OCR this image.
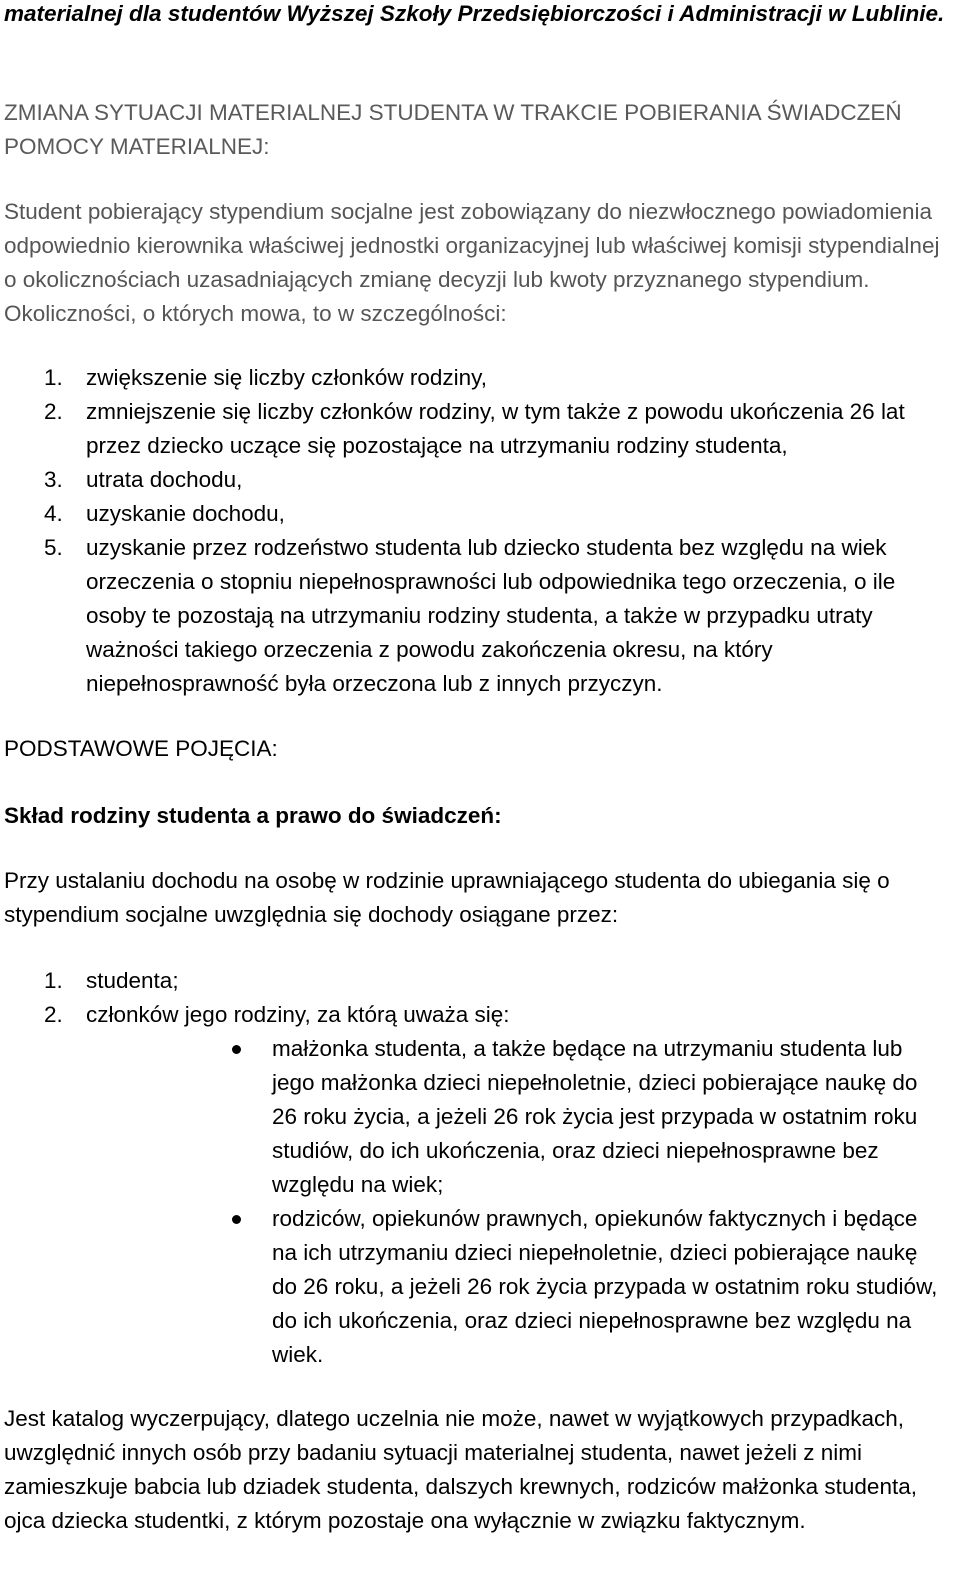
materialnej dla studentów Wyższej Szkoły Przedsiębiorczości i Administracji w Lublinie.

ZMIANA SYTUACJI MATERIALNEJ STUDENTA W TRAKCIE POBIERANIA ŚWIADCZEŃ POMOCY MATERIALNEJ:

Student pobierający stypendium socjalne jest zobowiązany do niezwłocznego powiadomienia odpowiednio kierownika właściwej jednostki organizacyjnej lub właściwej komisji stypendialnej o okolicznościach uzasadniających zmianę decyzji lub kwoty przyznanego stypendium. Okoliczności, o których mowa, to w szczególności:

1. zwiększenie się liczby członków rodziny,
2. zmniejszenie się liczby członków rodziny, w tym także z powodu ukończenia 26 lat przez dziecko uczące się pozostające na utrzymaniu rodziny studenta,
3. utrata dochodu,
4. uzyskanie dochodu,
5. uzyskanie przez rodzeństwo studenta lub dziecko studenta bez względu na wiek orzeczenia o stopniu niepełnosprawności lub odpowiednika tego orzeczenia, o ile osoby te pozostają na utrzymaniu rodziny studenta, a także w przypadku utraty ważności takiego orzeczenia z powodu zakończenia okresu, na który niepełnosprawność była orzeczona lub z innych przyczyn.

PODSTAWOWE POJĘCIA:

Skład rodziny studenta a prawo do świadczeń:

Przy ustalaniu dochodu na osobę w rodzinie uprawniającego studenta do ubiegania się o stypendium socjalne uwzględnia się dochody osiągane przez:

1. studenta;
2. członków jego rodziny, za którą uważa się:
małżonka studenta, a także będące na utrzymaniu studenta lub jego małżonka dzieci niepełnoletnie, dzieci pobierające naukę do 26 roku życia, a jeżeli 26 rok życia jest przypada w ostatnim roku studiów, do ich ukończenia, oraz dzieci niepełnosprawne bez względu na wiek;
rodziców, opiekunów prawnych, opiekunów faktycznych i będące na ich utrzymaniu dzieci niepełnoletnie, dzieci pobierające naukę do 26 roku, a jeżeli 26 rok życia przypada w ostatnim roku studiów, do ich ukończenia, oraz dzieci niepełnosprawne bez względu na wiek.

Jest katalog wyczerpujący, dlatego uczelnia nie może, nawet w wyjątkowych przypadkach, uwzględnić innych osób przy badaniu sytuacji materialnej studenta, nawet jeżeli z nimi zamieszkuje babcia lub dziadek studenta, dalszych krewnych, rodziców małżonka studenta, ojca dziecka studentki, z którym pozostaje ona wyłącznie w związku faktycznym.
